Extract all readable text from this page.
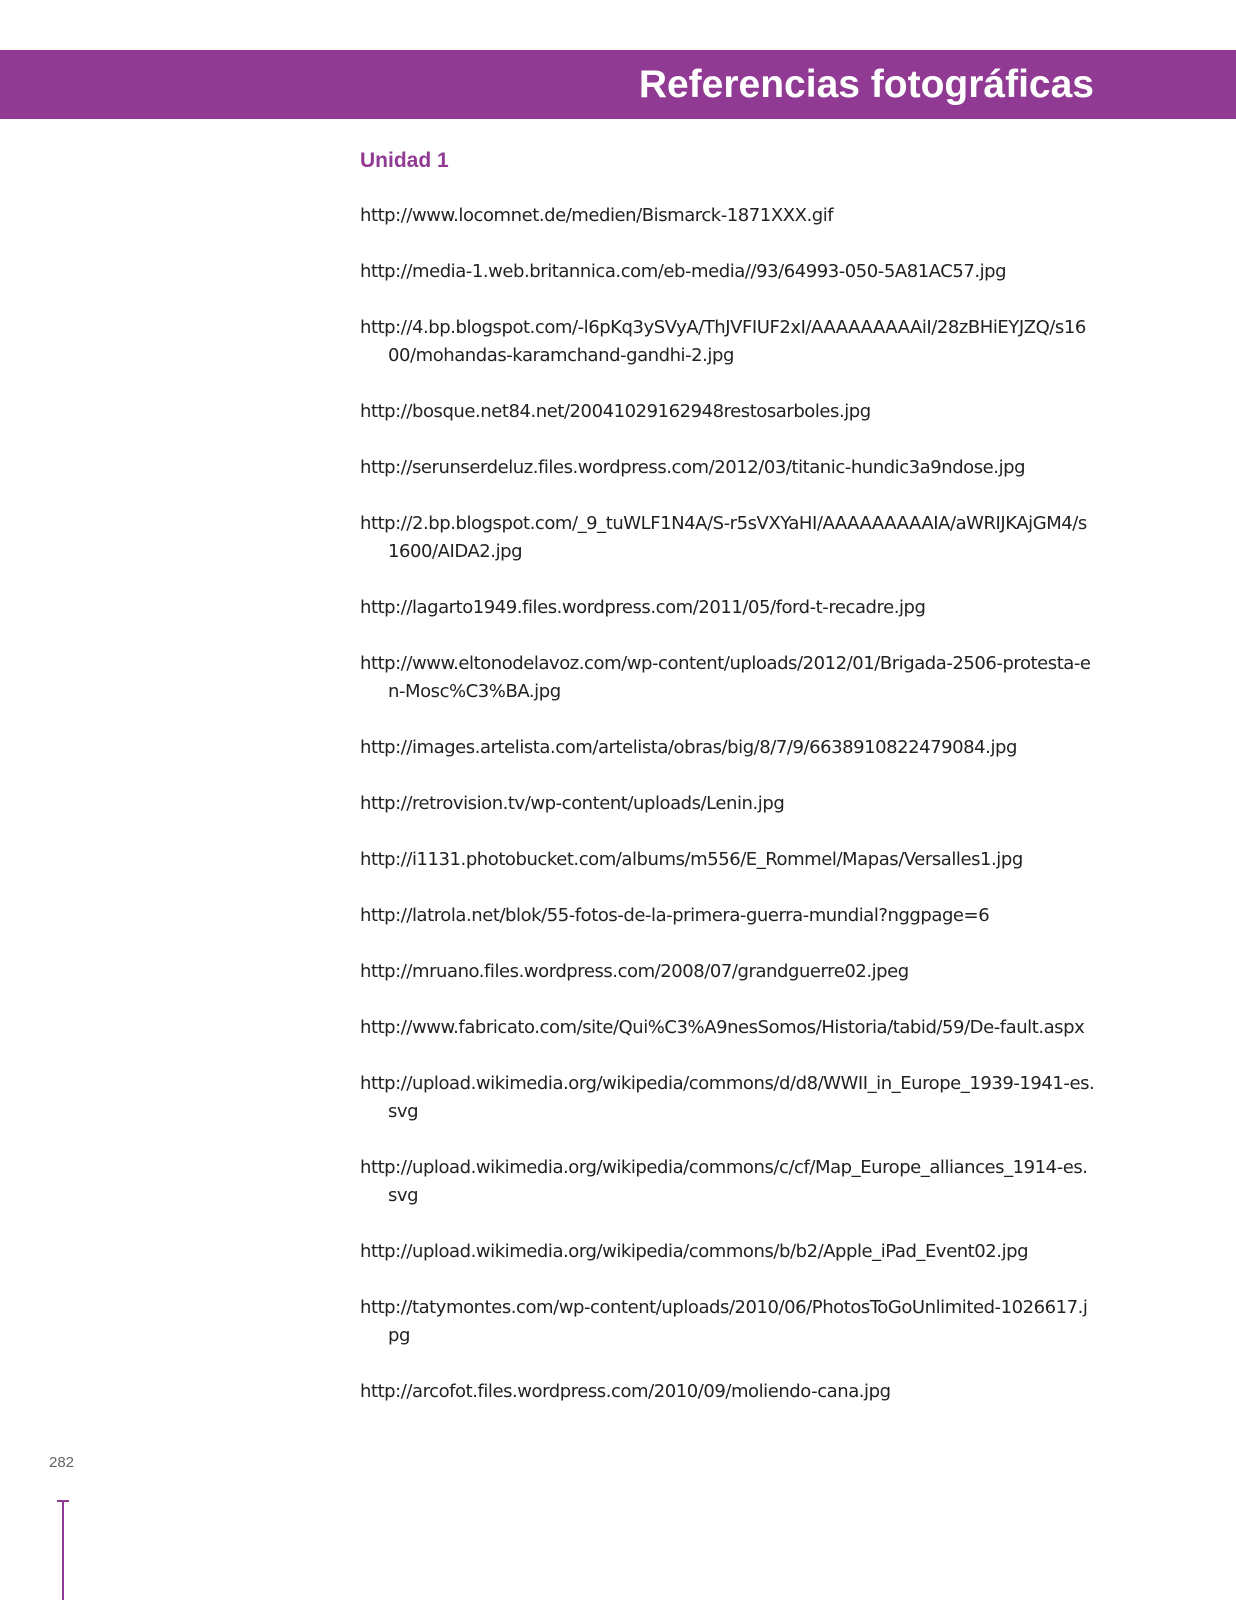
Referencias fotográficas
Unidad 1
http://www.locomnet.de/medien/Bismarck-1871XXX.gif
http://media-1.web.britannica.com/eb-media//93/64993-050-5A81AC57.jpg
http://4.bp.blogspot.com/-l6pKq3ySVyA/ThJVFIUF2xI/AAAAAAAAAiI/28zBHiEYJZQ/s1600/mohandas-karamchand-gandhi-2.jpg
http://bosque.net84.net/20041029162948restosarboles.jpg
http://serunserdeluz.files.wordpress.com/2012/03/titanic-hundic3a9ndose.jpg
http://2.bp.blogspot.com/_9_tuWLF1N4A/S-r5sVXYaHI/AAAAAAAAAIA/aWRIJKAjGM4/s1600/AIDA2.jpg
http://lagarto1949.files.wordpress.com/2011/05/ford-t-recadre.jpg
http://www.eltonodelavoz.com/wp-content/uploads/2012/01/Brigada-2506-protesta-en-Mosc%C3%BA.jpg
http://images.artelista.com/artelista/obras/big/8/7/9/6638910822479084.jpg
http://retrovision.tv/wp-content/uploads/Lenin.jpg
http://i1131.photobucket.com/albums/m556/E_Rommel/Mapas/Versalles1.jpg
http://latrola.net/blok/55-fotos-de-la-primera-guerra-mundial?nggpage=6
http://mruano.files.wordpress.com/2008/07/grandguerre02.jpeg
http://www.fabricato.com/site/Qui%C3%A9nesSomos/Historia/tabid/59/De-fault.aspx
http://upload.wikimedia.org/wikipedia/commons/d/d8/WWII_in_Europe_1939-1941-es.svg
http://upload.wikimedia.org/wikipedia/commons/c/cf/Map_Europe_alliances_1914-es.svg
http://upload.wikimedia.org/wikipedia/commons/b/b2/Apple_iPad_Event02.jpg
http://tatymontes.com/wp-content/uploads/2010/06/PhotosToGoUnlimited-1026617.jpg
http://arcofot.files.wordpress.com/2010/09/moliendo-cana.jpg
282
